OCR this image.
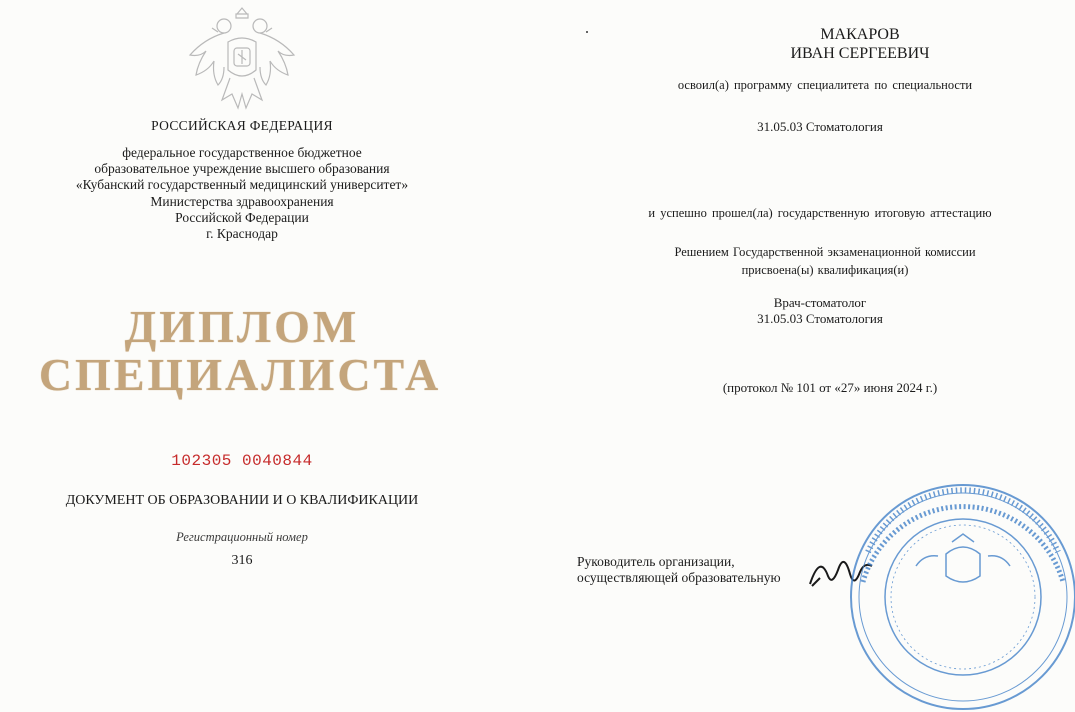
РОССИЙСКАЯ ФЕДЕРАЦИЯ
федеральное государственное бюджетное
образовательное учреждение высшего образования
«Кубанский государственный медицинский университет»
Министерства здравоохранения
Российской Федерации
г. Краснодар
ДИПЛОМ
СПЕЦИАЛИСТА
102305 0040844
ДОКУМЕНТ ОБ ОБРАЗОВАНИИ И О КВАЛИФИКАЦИИ
Регистрационный номер
316
МАКАРОВ
ИВАН СЕРГЕЕВИЧ
освоил(а) программу специалитета по специальности
31.05.03 Стоматология
и успешно прошел(ла) государственную итоговую аттестацию
Решением Государственной экзаменационной комиссии
присвоена(ы) квалификация(и)
Врач-стоматолог
31.05.03 Стоматология
(протокол № 101 от «27» июня 2024 г.)
Руководитель организации,
осуществляющей образовательную
